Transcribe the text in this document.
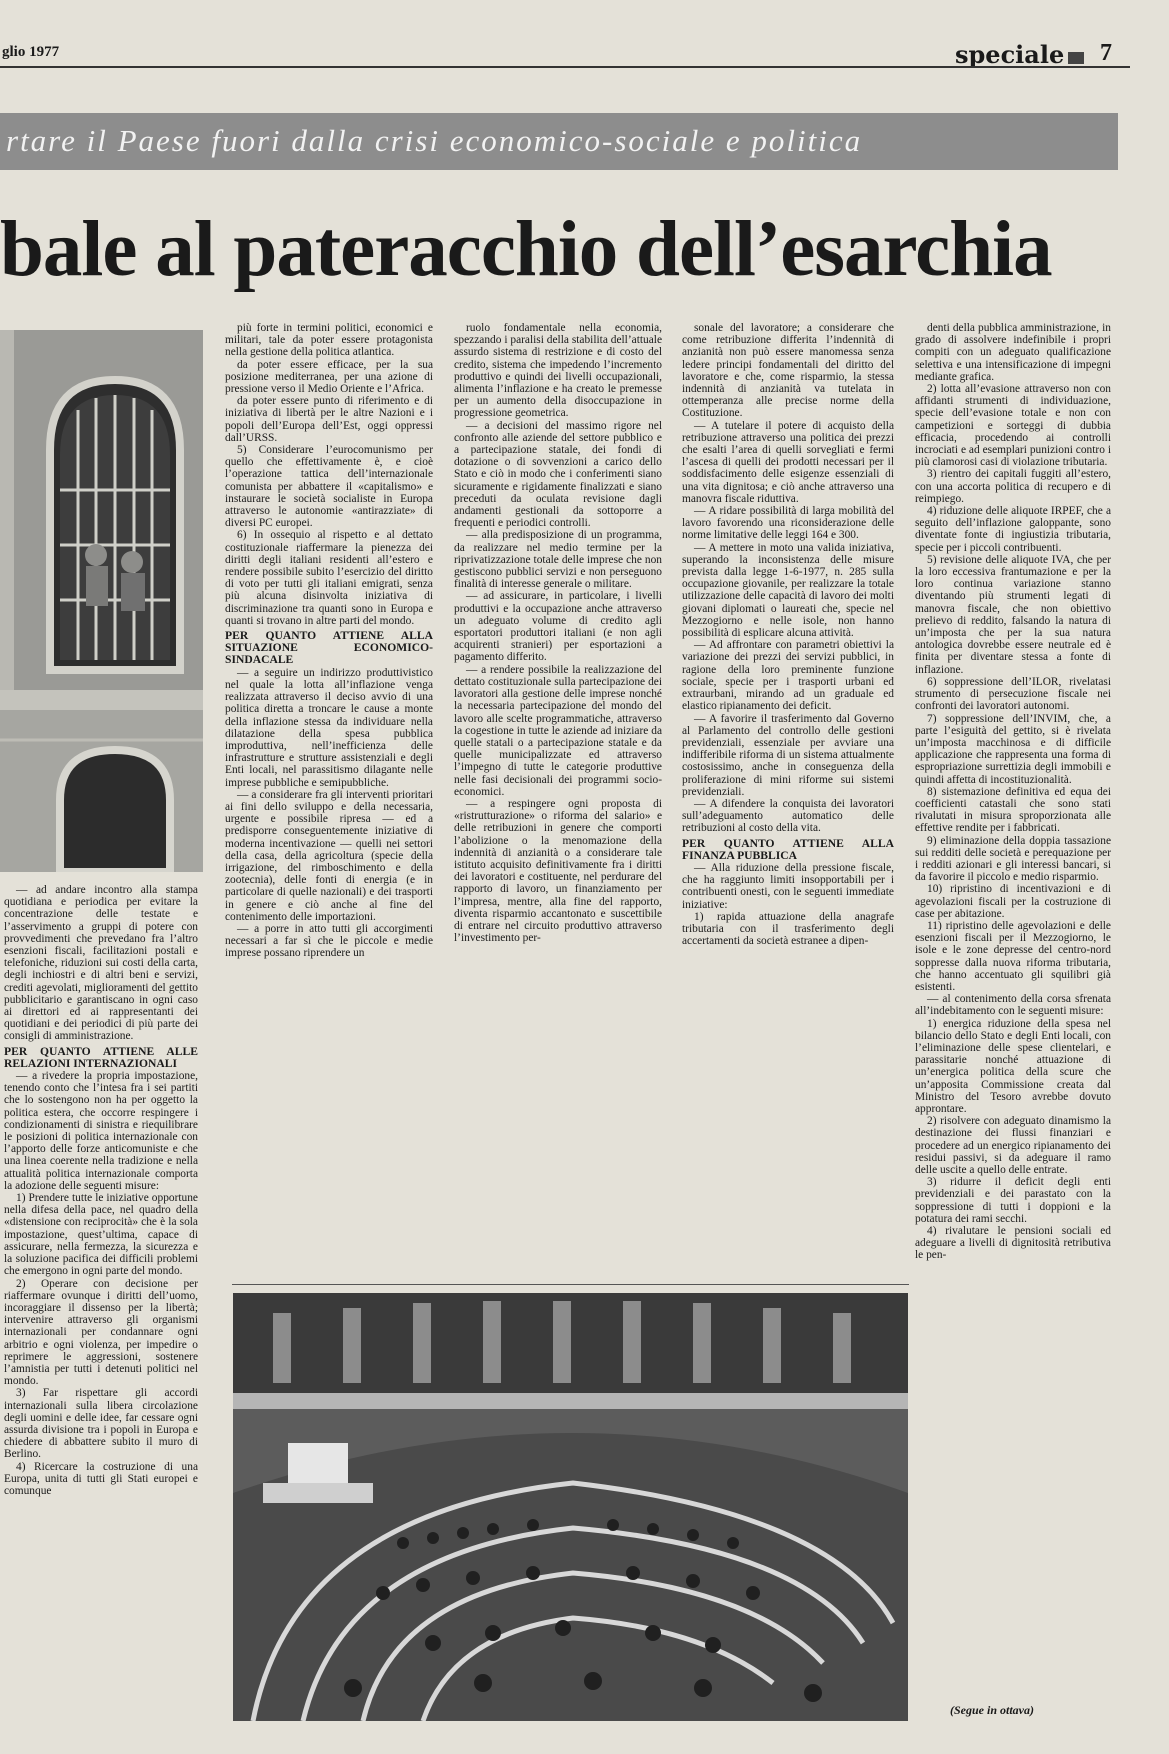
glio 1977	speciale 7
rtare il Paese fuori dalla crisi economico-sociale e politica
bale al pateracchio dell’esarchia

— ad andare incontro alla stampa quotidiana e periodica per evitare la concentrazione delle testate e l’asservimento a gruppi di potere con provvedimenti che prevedano fra l’altro esenzioni fiscali, facilitazioni postali e telefoniche, riduzioni sui costi della carta, degli inchiostri e di altri beni e servizi, crediti agevolati, miglioramenti del gettito pubblicitario e garantiscano in ogni caso ai direttori ed ai rappresentanti dei quotidiani e dei periodici di più parte dei consigli di amministrazione.

PER QUANTO ATTIENE ALLE RELAZIONI INTERNAZIONALI

— a rivedere la propria impostazione, tenendo conto che l’intesa fra i sei partiti che lo sostengono non ha per oggetto la politica estera, che occorre respingere i condizionamenti di sinistra e riequilibrare le posizioni di politica internazionale con l’apporto delle forze anticomuniste e che una linea coerente nella tradizione e nella attualità politica internazionale comporta la adozione delle seguenti misure:

1) Prendere tutte le iniziative opportune nella difesa della pace, nel quadro della «distensione con reciprocità» che è la sola impostazione, quest’ultima, capace di assicurare, nella fermezza, la sicurezza e la soluzione pacifica dei difficili problemi che emergono in ogni parte del mondo.

2) Operare con decisione per riaffermare ovunque i diritti dell’uomo, incoraggiare il dissenso per la libertà; intervenire attraverso gli organismi internazionali per condannare ogni arbitrio e ogni violenza, per impedire o reprimere le aggressioni, sostenere l’amnistia per tutti i detenuti politici nel mondo.

3) Far rispettare gli accordi internazionali sulla libera circolazione degli uomini e delle idee, far cessare ogni assurda divisione tra i popoli in Europa e chiedere di abbattere subito il muro di Berlino.

4) Ricercare la costruzione di una Europa, unita di tutti gli Stati europei e comunque

più forte in termini politici, economici e militari, tale da poter essere protagonista nella gestione della politica atlantica.

da poter essere efficace, per la sua posizione mediterranea, per una azione di pressione verso il Medio Oriente e l’Africa.

da poter essere punto di riferimento e di iniziativa di libertà per le altre Nazioni e i popoli dell’Europa dell’Est, oggi oppressi dall’URSS.

5) Considerare l’eurocomunismo per quello che effettivamente è, e cioè l’operazione tattica dell’internazionale comunista per abbattere il «capitalismo» e instaurare le società socialiste in Europa attraverso le autonomie «antirazziate» di diversi PC europei.

6) In ossequio al rispetto e al dettato costituzionale riaffermare la pienezza dei diritti degli italiani residenti all’estero e rendere possibile subito l’esercizio del diritto di voto per tutti gli italiani emigrati, senza più alcuna disinvolta iniziativa di discriminazione tra quanti sono in Europa e quanti si trovano in altre parti del mondo.

PER QUANTO ATTIENE ALLA SITUAZIONE ECONOMICO-SINDACALE

— a seguire un indirizzo produttivistico nel quale la lotta all’inflazione venga realizzata attraverso il deciso avvio di una politica diretta a troncare le cause a monte della inflazione stessa da individuare nella dilatazione della spesa pubblica improduttiva, nell’inefficienza delle infrastrutture e strutture assistenziali e degli Enti locali, nel parassitismo dilagante nelle imprese pubbliche e semipubbliche.

— a considerare fra gli interventi prioritari ai fini dello sviluppo e della necessaria, urgente e possibile ripresa — ed a predisporre conseguentemente iniziative di moderna incentivazione — quelli nei settori della casa, della agricoltura (specie della irrigazione, del rimboschimento e della zootecnia), delle fonti di energia (e in particolare di quelle nazionali) e dei trasporti in genere e ciò anche al fine del contenimento delle importazioni.

— a porre in atto tutti gli accorgimenti necessari a far sì che le piccole e medie imprese possano riprendere un

ruolo fondamentale nella economia, spezzando i paralisi della stabilita dell’attuale assurdo sistema di restrizione e di costo del credito, sistema che impedendo l’incremento produttivo e quindi dei livelli occupazionali, alimenta l’inflazione e ha creato le premesse per un aumento della disoccupazione in progressione geometrica.

— a decisioni del massimo rigore nel confronto alle aziende del settore pubblico e a partecipazione statale, dei fondi di dotazione o di sovvenzioni a carico dello Stato e ciò in modo che i conferimenti siano sicuramente e rigidamente finalizzati e siano preceduti da oculata revisione dagli andamenti gestionali da sottoporre a frequenti e periodici controlli.

— alla predisposizione di un programma, da realizzare nel medio termine per la riprivatizzazione totale delle imprese che non gestiscono pubblici servizi e non perseguono finalità di interesse generale o militare.

— ad assicurare, in particolare, i livelli produttivi e la occupazione anche attraverso un adeguato volume di credito agli esportatori produttori italiani (e non agli acquirenti stranieri) per esportazioni a pagamento differito.

— a rendere possibile la realizzazione del dettato costituzionale sulla partecipazione dei lavoratori alla gestione delle imprese nonché la necessaria partecipazione del mondo del lavoro alle scelte programmatiche, attraverso la cogestione in tutte le aziende ad iniziare da quelle statali o a partecipazione statale e da quelle municipalizzate ed attraverso l’impegno di tutte le categorie produttive nelle fasi decisionali dei programmi socio-economici.

— a respingere ogni proposta di «ristrutturazione» o riforma del salario» e delle retribuzioni in genere che comporti l’abolizione o la menomazione della indennità di anzianità o a considerare tale istituto acquisito definitivamente fra i diritti dei lavoratori e costituente, nel perdurare del rapporto di lavoro, un finanziamento per l’impresa, mentre, alla fine del rapporto, diventa risparmio accantonato e suscettibile di entrare nel circuito produttivo attraverso l’investimento per-

sonale del lavoratore; a considerare che come retribuzione differita l’indennità di anzianità non può essere manomessa senza ledere principi fondamentali del diritto del lavoratore e che, come risparmio, la stessa indennità di anzianità va tutelata in ottemperanza alle precise norme della Costituzione.

— A tutelare il potere di acquisto della retribuzione attraverso una politica dei prezzi che esalti l’area di quelli sorvegliati e fermi l’ascesa di quelli dei prodotti necessari per il soddisfacimento delle esigenze essenziali di una vita dignitosa; e ciò anche attraverso una manovra fiscale riduttiva.

— A ridare possibilità di larga mobilità del lavoro favorendo una riconsiderazione delle norme limitative delle leggi 164 e 300.

— A mettere in moto una valida iniziativa, superando la inconsistenza delle misure prevista dalla legge 1-6-1977, n. 285 sulla occupazione giovanile, per realizzare la totale utilizzazione delle capacità di lavoro dei molti giovani diplomati o laureati che, specie nel Mezzogiorno e nelle isole, non hanno possibilità di esplicare alcuna attività.

— Ad affrontare con parametri obiettivi la variazione dei prezzi dei servizi pubblici, in ragione della loro preminente funzione sociale, specie per i trasporti urbani ed extraurbani, mirando ad un graduale ed elastico ripianamento dei deficit.

— A favorire il trasferimento dal Governo al Parlamento del controllo delle gestioni previdenziali, essenziale per avviare una indifferibile riforma di un sistema attualmente costosissimo, anche in conseguenza della proliferazione di mini riforme sui sistemi previdenziali.

— A difendere la conquista dei lavoratori sull’adeguamento automatico delle retribuzioni al costo della vita.

PER QUANTO ATTIENE ALLA FINANZA PUBBLICA

— Alla riduzione della pressione fiscale, che ha raggiunto limiti insopportabili per i contribuenti onesti, con le seguenti immediate iniziative:

1) rapida attuazione della anagrafe tributaria con il trasferimento degli accertamenti da società estranee a dipen-

denti della pubblica amministrazione, in grado di assolvere indefinibile i propri compiti con un adeguato qualificazione selettiva e una intensificazione di impegni mediante grafica.

2) lotta all’evasione attraverso non con affidanti strumenti di individuazione, specie dell’evasione totale e non con campetizioni e sorteggi di dubbia efficacia, procedendo ai controlli incrociati e ad esemplari punizioni contro i più clamorosi casi di violazione tributaria.

3) rientro dei capitali fuggiti all’estero, con una accorta politica di recupero e di reimpiego.

4) riduzione delle aliquote IRPEF, che a seguito dell’inflazione galoppante, sono diventate fonte di ingiustizia tributaria, specie per i piccoli contribuenti.

5) revisione delle aliquote IVA, che per la loro eccessiva frantumazione e per la loro continua variazione stanno diventando più strumenti legati di manovra fiscale, che non obiettivo prelievo di reddito, falsando la natura di un’imposta che per la sua natura antologica dovrebbe essere neutrale ed è finita per diventare stessa a fonte di inflazione.

6) soppressione dell’ILOR, rivelatasi strumento di persecuzione fiscale nei confronti dei lavoratori autonomi.

7) soppressione dell’INVIM, che, a parte l’esiguità del gettito, si è rivelata un’imposta macchinosa e di difficile applicazione che rappresenta una forma di espropriazione surrettizia degli immobili e quindi affetta di incostituzionalità.

8) sistemazione definitiva ed equa dei coefficienti catastali che sono stati rivalutati in misura sproporzionata alle effettive rendite per i fabbricati.

9) eliminazione della doppia tassazione sui redditi delle società e perequazione per i redditi azionari e gli interessi bancari, si da favorire il piccolo e medio risparmio.

10) ripristino di incentivazioni e di agevolazioni fiscali per la costruzione di case per abitazione.

11) ripristino delle agevolazioni e delle esenzioni fiscali per il Mezzogiorno, le isole e le zone depresse del centro-nord soppresse dalla nuova riforma tributaria, che hanno accentuato gli squilibri già esistenti.

— al contenimento della corsa sfrenata all’indebitamento con le seguenti misure:

1) energica riduzione della spesa nel bilancio dello Stato e degli Enti locali, con l’eliminazione delle spese clientelari, e parassitarie nonché attuazione di un’energica politica della scure che un’apposita Commissione creata dal Ministro del Tesoro avrebbe dovuto approntare.

2) risolvere con adeguato dinamismo la destinazione dei flussi finanziari e procedere ad un energico ripianamento dei residui passivi, si da adeguare il ramo delle uscite a quello delle entrate.

3) ridurre il deficit degli enti previdenziali e dei parastato con la soppressione di tutti i doppioni e la potatura dei rami secchi.

4) rivalutare le pensioni sociali ed adeguare a livelli di dignitosità retributiva le pen-

(Segue in ottava)
